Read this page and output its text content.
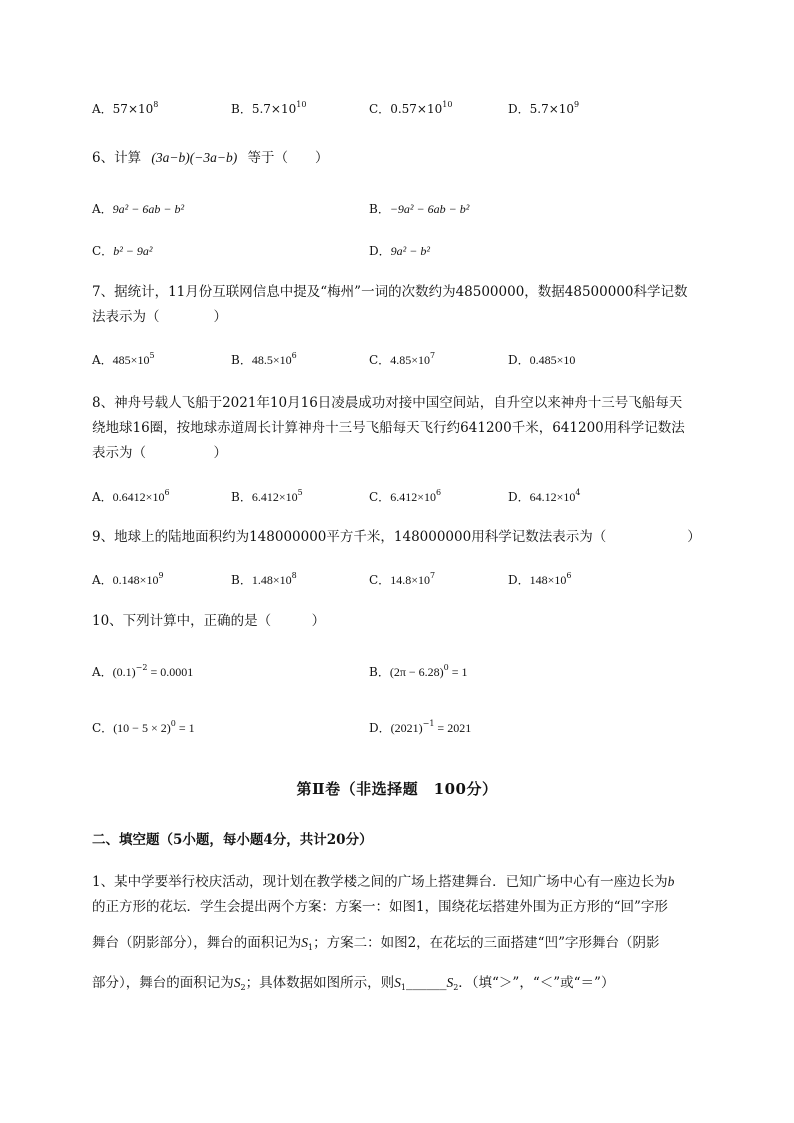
A．$57\times 10^8$	B．$5.7\times 10^{10}$	C．$0.57\times 10^{10}$	D．$5.7\times 10^9$
6、计算 (3a−b)(−3a−b) 等于（　　）
A．9a² − 6ab − b²	B．−9a² − 6ab − b²
C．b² − 9a²	D．9a² − b²
7、据统计，11月份互联网信息中提及“梅州”一词的次数约为48500000，数据48500000科学记数
法表示为（　　　　）
A．$485\times 10^5$	B．$48.5\times 10^6$	C．$4.85\times 10^7$	D．0.485×10
8、神舟号载人飞船于2021年10月16日凌晨成功对接中国空间站，自升空以来神舟十三号飞船每天
绕地球16圈，按地球赤道周长计算神舟十三号飞船每天飞行约641200千米，641200用科学记数法
表示为（　　　　　）
A．$0.6412\times 10^6$	B．$6.412\times 10^5$	C．$6.412\times 10^6$	D．$64.12\times 10^4$
9、地球上的陆地面积约为148000000平方千米，148000000用科学记数法表示为（　　　　　　）
A．$0.148\times 10^9$	B．$1.48\times 10^8$	C．$14.8\times 10^7$	D．$148\times 10^6$
10、下列计算中，正确的是（　　　）
A．$(0.1)^{-2} = 0.0001$	B．$(2\pi - 6.28)^0 = 1$
C．$(10 - 5 \times 2)^0 = 1$	D．$(2021)^{-1} = 2021$
第Ⅱ卷（非选择题　100分）
二、填空题（5小题，每小题4分，共计20分）
1、某中学要举行校庆活动，现计划在教学楼之间的广场上搭建舞台．已知广场中心有一座边长为b
的正方形的花坛．学生会提出两个方案：方案一：如图1，围绕花坛搭建外围为正方形的“回”字形
舞台（阴影部分），舞台的面积记为$S_1$；方案二：如图2，在花坛的三面搭建“凹”字形舞台（阴影
部分），舞台的面积记为$S_2$；具体数据如图所示，则$S_1\_\_\_\_\_\_S_2$．（填“＞”，“＜”或“＝”）
